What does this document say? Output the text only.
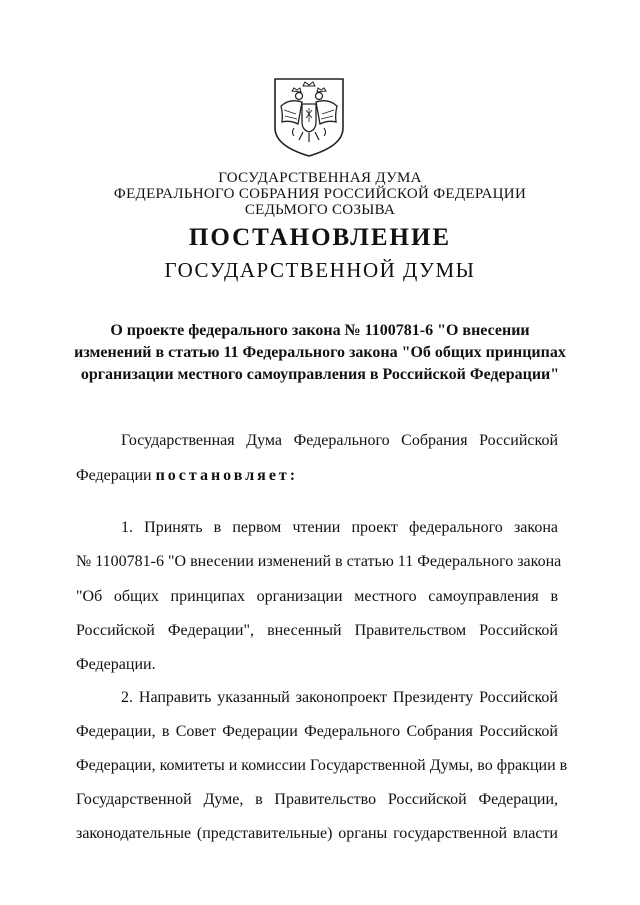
ГОСУДАРСТВЕННАЯ ДУМА
ФЕДЕРАЛЬНОГО СОБРАНИЯ РОССИЙСКОЙ ФЕДЕРАЦИИ
СЕДЬМОГО СОЗЫВА
ПОСТАНОВЛЕНИЕ
ГОСУДАРСТВЕННОЙ ДУМЫ
О проекте федерального закона № 1100781-6 "О внесении изменений в статью 11 Федерального закона "Об общих принципах организации местного самоуправления в Российской Федерации"
Государственная Дума Федерального Собрания Российской
Федерации постановляет:
1. Принять в первом чтении проект федерального закона
№ 1100781-6 "О внесении изменений в статью 11 Федерального закона
"Об общих принципах организации местного самоуправления в
Российской Федерации", внесенный Правительством Российской
Федерации.
2. Направить указанный законопроект Президенту Российской
Федерации, в Совет Федерации Федерального Собрания Российской
Федерации, комитеты и комиссии Государственной Думы, во фракции в
Государственной Думе, в Правительство Российской Федерации,
законодательные (представительные) органы государственной власти
